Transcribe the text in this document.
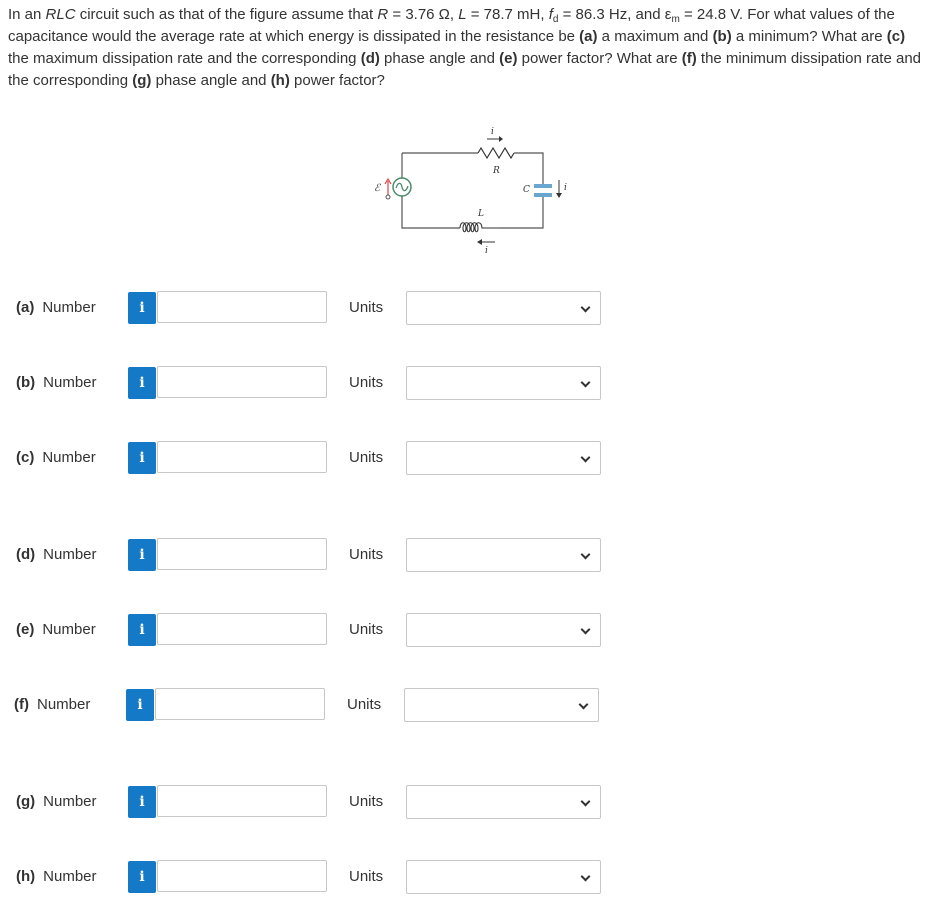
In an RLC circuit such as that of the figure assume that R = 3.76 Ω, L = 78.7 mH, $f_d = 86.3$ Hz, and $\varepsilon_m = 24.8$ V. For what values of the capacitance would the average rate at which energy is dissipated in the resistance be (a) a maximum and (b) a minimum? What are (c) the maximum dissipation rate and the corresponding (d) phase angle and (e) power factor? What are (f) the minimum dissipation rate and the corresponding (g) phase angle and (h) power factor?

i
R
C	i
L
i
ℰ
(a) Number	i	Units
(b) Number	i	Units
(c) Number	i	Units
(d) Number	i	Units
(e) Number	i	Units
(f) Number	i	Units
(g) Number	i	Units
(h) Number	i	Units
